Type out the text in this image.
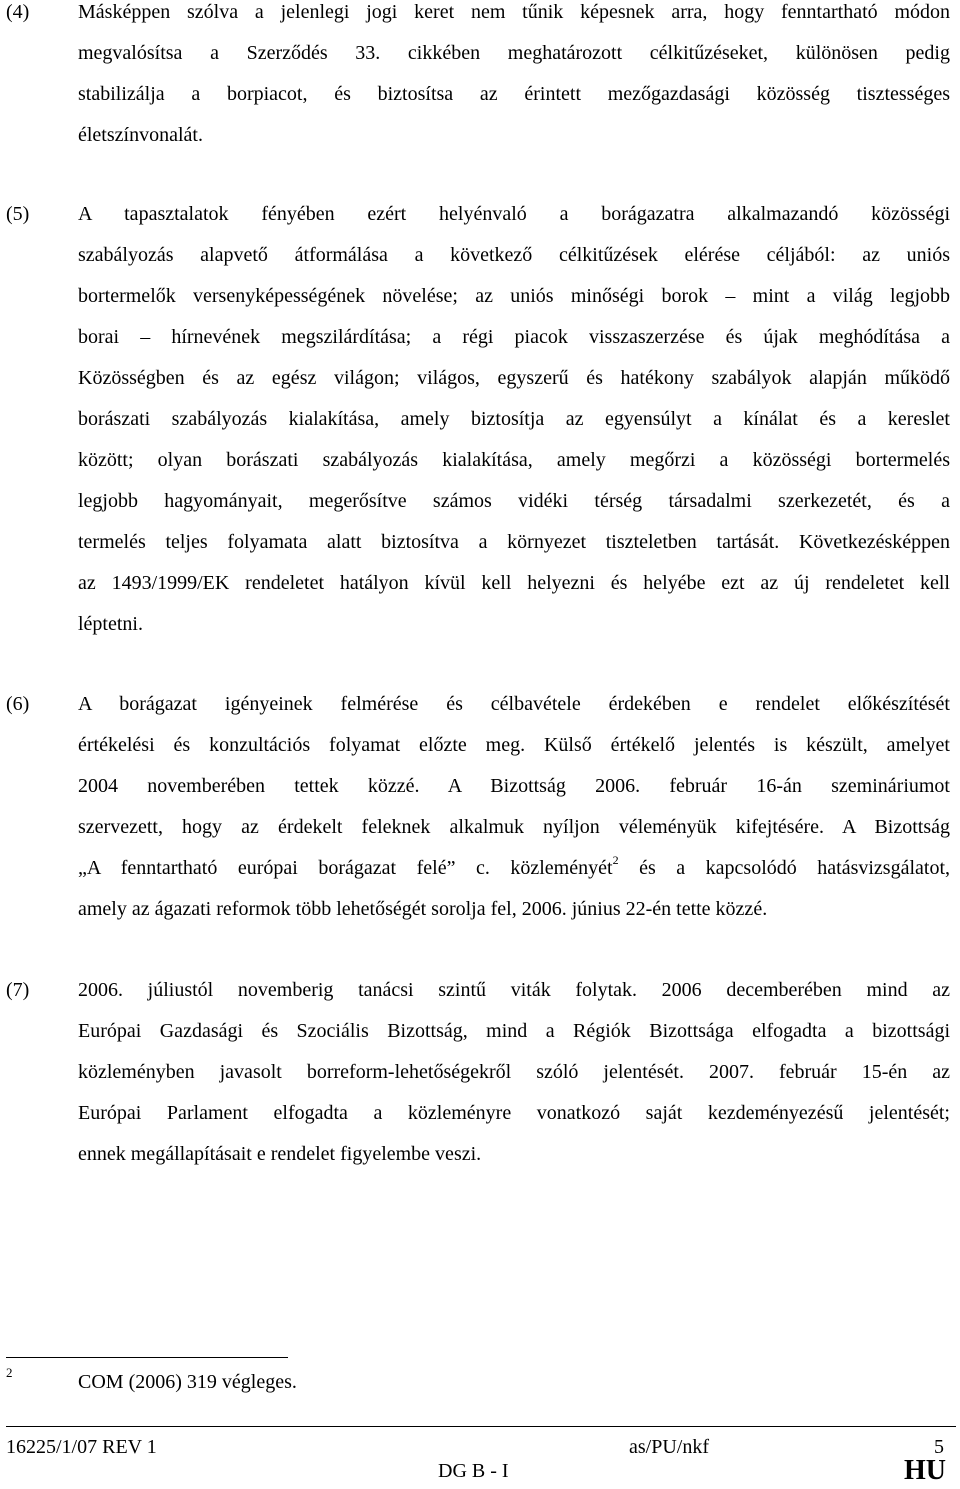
(4) Másképpen szólva a jelenlegi jogi keret nem tűnik képesnek arra, hogy fenntartható módon
megvalósítsa a Szerződés 33. cikkében meghatározott célkitűzéseket, különösen pedig
stabilizálja a borpiacot, és biztosítsa az érintett mezőgazdasági közösség tisztességes
életszínvonalát.
(5) A tapasztalatok fényében ezért helyénvaló a borágazatra alkalmazandó közösségi
szabályozás alapvető átformálása a következő célkitűzések elérése céljából: az uniós
bortermelők versenyképességének növelése; az uniós minőségi borok – mint a világ legjobb
borai – hírnevének megszilárdítása; a régi piacok visszaszerzése és újak meghódítása a
Közösségben és az egész világon; világos, egyszerű és hatékony szabályok alapján működő
borászati szabályozás kialakítása, amely biztosítja az egyensúlyt a kínálat és a kereslet
között; olyan borászati szabályozás kialakítása, amely megőrzi a közösségi bortermelés
legjobb hagyományait, megerősítve számos vidéki térség társadalmi szerkezetét, és a
termelés teljes folyamata alatt biztosítva a környezet tiszteletben tartását. Következésképpen
az 1493/1999/EK rendeletet hatályon kívül kell helyezni és helyébe ezt az új rendeletet kell
léptetni.
(6) A borágazat igényeinek felmérése és célbavétele érdekében e rendelet előkészítését
értékelési és konzultációs folyamat előzte meg. Külső értékelő jelentés is készült, amelyet
2004 novemberében tettek közzé. A Bizottság 2006. február 16-án szemináriumot
szervezett, hogy az érdekelt feleknek alkalmuk nyíljon véleményük kifejtésére. A Bizottság
„A fenntartható európai borágazat felé” c. közleményét$^2$ és a kapcsolódó hatásvizsgálatot,
amely az ágazati reformok több lehetőségét sorolja fel, 2006. június 22-én tette közzé.
(7) 2006. júliustól novemberig tanácsi szintű viták folytak. 2006 decemberében mind az
Európai Gazdasági és Szociális Bizottság, mind a Régiók Bizottsága elfogadta a bizottsági
közleményben javasolt borreform-lehetőségekről szóló jelentését. 2007. február 15-én az
Európai Parlament elfogadta a közleményre vonatkozó saját kezdeményezésű jelentését;
ennek megállapításait e rendelet figyelembe veszi.
2	COM (2006) 319 végleges.
16225/1/07 REV 1	as/PU/nkf	5
DG B - I	HU
